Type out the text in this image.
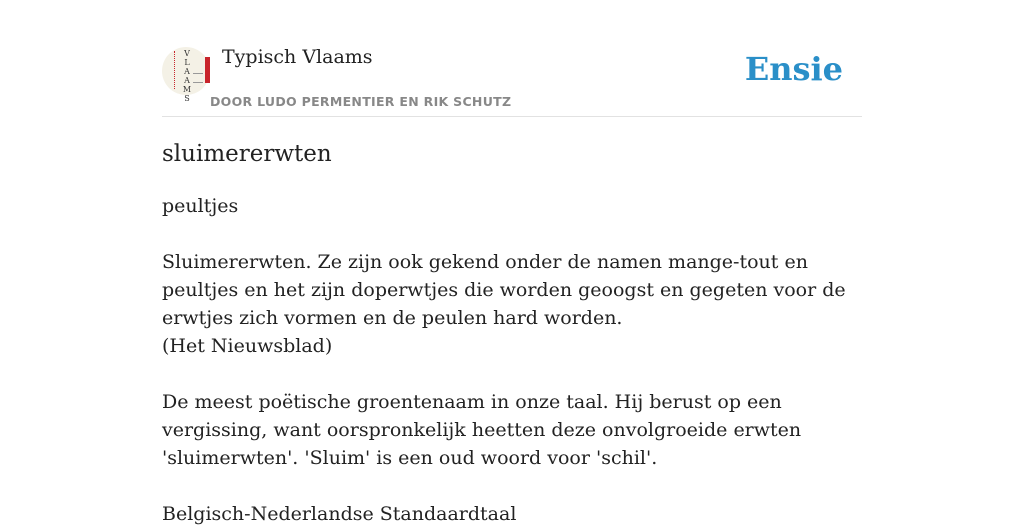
V
L
A
A
M
S
Typisch Vlaams
DOOR LUDO PERMENTIER EN RIK SCHUTZ
Ensie
sluimererwten

peultjes

Sluimererwten. Ze zijn ook gekend onder de namen mange-tout en peultjes en het zijn doperwtjes die worden geoogst en gegeten voor de erwtjes zich vormen en de peulen hard worden.
(Het Nieuwsblad)
De meest poëtische groentenaam in onze taal. Hij berust op een vergissing, want oorspronkelijk heetten deze onvolgroeide erwten 'sluimerwten'. 'Sluim' is een oud woord voor 'schil'.
Belgisch-Nederlandse Standaardtaal
